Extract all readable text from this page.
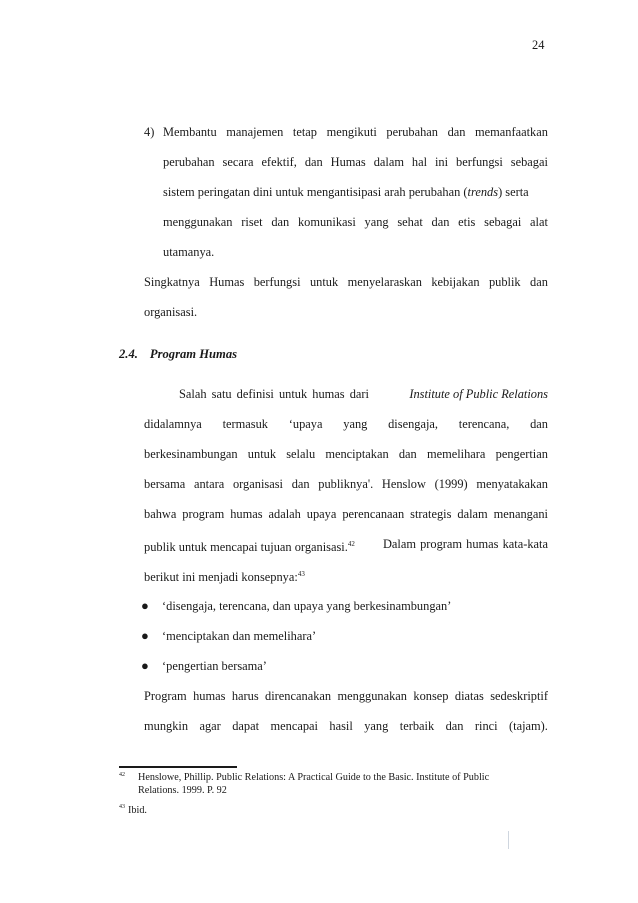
24
4) Membantu manajemen tetap mengikuti perubahan dan memanfaatkan
perubahan secara efektif, dan Humas dalam hal ini berfungsi sebagai
sistem peringatan dini untuk mengantisipasi arah perubahan (trends) serta
menggunakan riset dan komunikasi yang sehat dan etis sebagai alat
utamanya.
Singkatnya Humas berfungsi untuk menyelaraskan kebijakan publik dan
organisasi.
2.4. Program Humas
Salah satu definisi untuk humas dari	Institute of Public Relations
didalamnya termasuk ‘upaya yang disengaja, terencana, dan
berkesinambungan untuk selalu menciptakan dan memelihara pengertian
bersama antara organisasi dan publiknya'. Henslow (1999) menyatakakan
bahwa program humas adalah upaya perencanaan strategis dalam menangani
publik untuk mencapai tujuan organisasi.$^{42}$ Dalam program humas kata-kata
berikut ini menjadi konsepnya:$^{43}$
● ‘disengaja, terencana, dan upaya yang berkesinambungan’
● ‘menciptakan dan memelihara’
● ‘pengertian bersama’
Program humas harus direncanakan menggunakan konsep diatas sedeskriptif
mungkin agar dapat mencapai hasil yang terbaik dan rinci (tajam).
42 Henslowe, Phillip. Public Relations: A Practical Guide to the Basic. Institute of Public
Relations. 1999. P. 92
43 Ibid.
